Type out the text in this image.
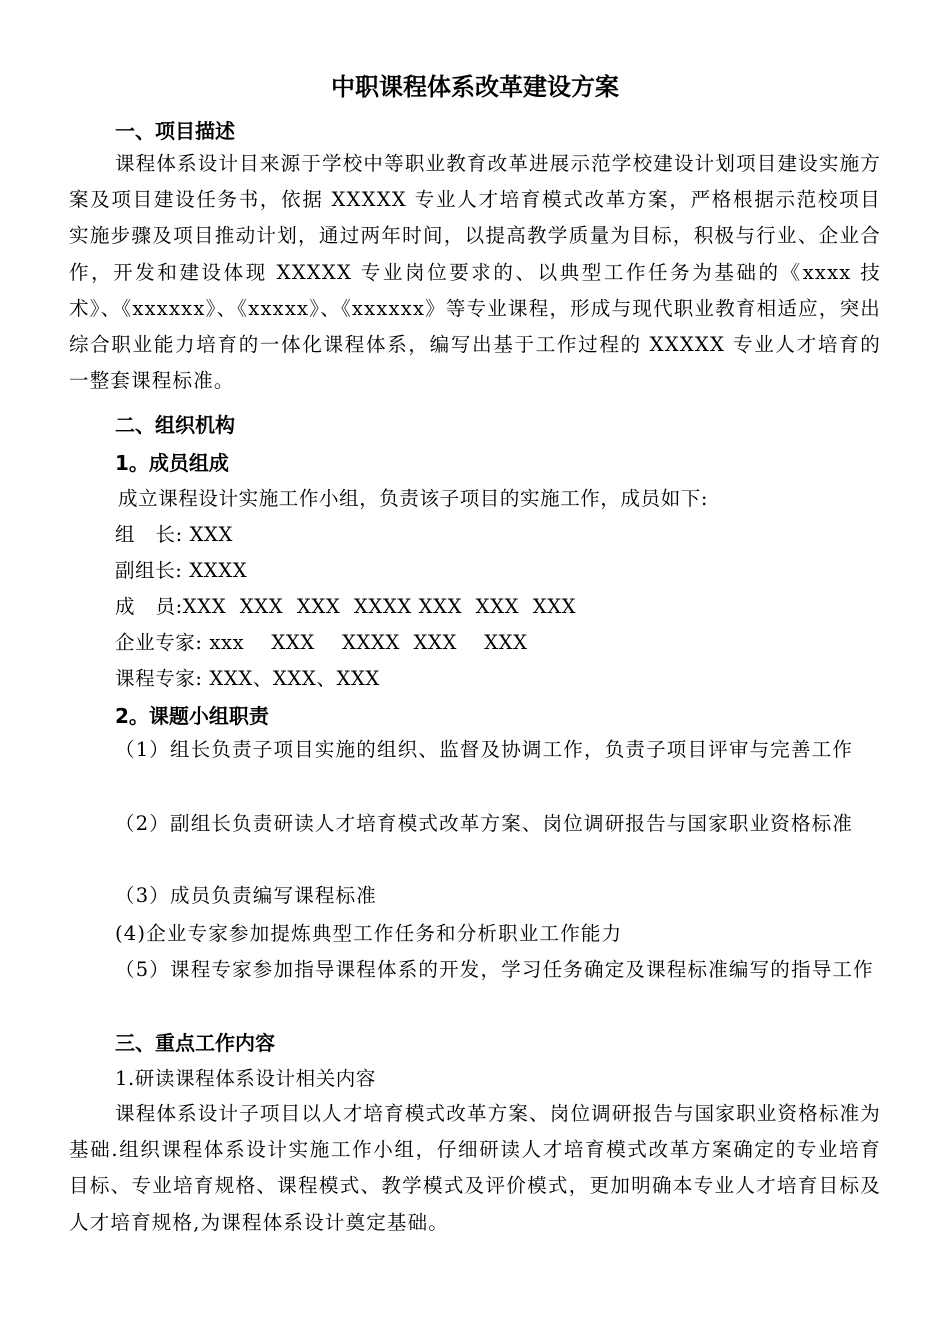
中职课程体系改革建设方案
一、项目描述
课程体系设计目来源于学校中等职业教育改革进展示范学校建设计划项目建设实施方案及项目建设任务书，依据 XXXXX 专业人才培育模式改革方案，严格根据示范校项目实施步骤及项目推动计划，通过两年时间，以提高教学质量为目标，积极与行业、企业合作，开发和建设体现 XXXXX 专业岗位要求的、以典型工作任务为基础的《xxxx 技术》、《xxxxxx》、《xxxxx》、《xxxxxx》等专业课程，形成与现代职业教育相适应，突出综合职业能力培育的一体化课程体系，编写出基于工作过程的 XXXXX 专业人才培育的一整套课程标准。
二、组织机构
1。成员组成
成立课程设计实施工作小组，负责该子项目的实施工作，成员如下:
组   长: XXX
副组长: XXXX
成   员:XXX  XXX  XXX  XXXX XXX  XXX  XXX
企业专家: xxx    XXX    XXXX  XXX    XXX
课程专家: XXX、XXX、XXX
2。课题小组职责
（1）组长负责子项目实施的组织、监督及协调工作，负责子项目评审与完善工作
（2）副组长负责研读人才培育模式改革方案、岗位调研报告与国家职业资格标准
（3）成员负责编写课程标准
(4)企业专家参加提炼典型工作任务和分析职业工作能力
（5）课程专家参加指导课程体系的开发，学习任务确定及课程标准编写的指导工作
三、重点工作内容
1.研读课程体系设计相关内容
课程体系设计子项目以人才培育模式改革方案、岗位调研报告与国家职业资格标准为基础.组织课程体系设计实施工作小组，仔细研读人才培育模式改革方案确定的专业培育目标、专业培育规格、课程模式、教学模式及评价模式，更加明确本专业人才培育目标及人才培育规格,为课程体系设计奠定基础。
